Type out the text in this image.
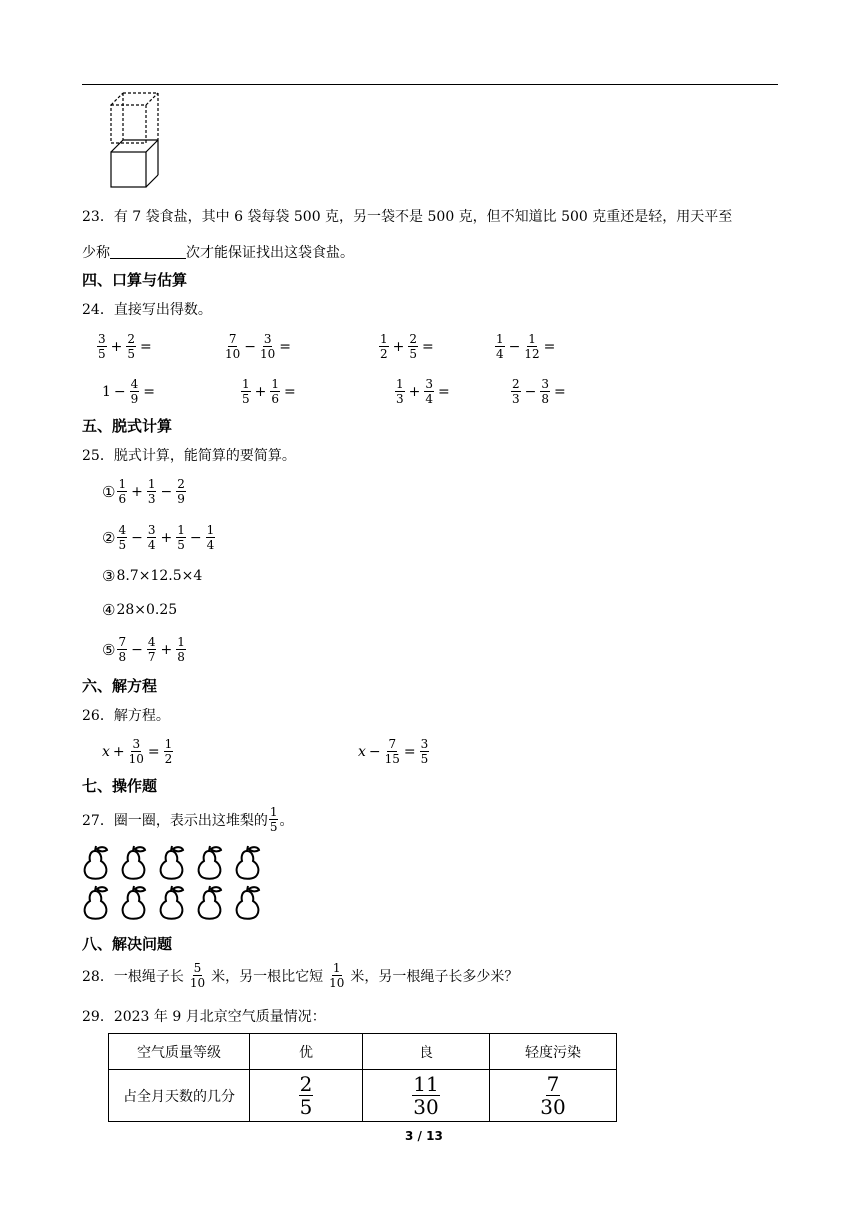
23．有 7 袋食盐，其中 6 袋每袋 500 克，另一袋不是 500 克，但不知道比 500 克重还是轻，用天平至
少称	次才能保证找出这袋食盐。
四、口算与估算
24．直接写出得数。
$\frac{3}{5} + \frac{2}{5}$ =	$\frac{7}{10} - \frac{3}{10}$ =	$\frac{1}{2} + \frac{2}{5}$ =	$\frac{1}{4} - \frac{1}{12}$ =
$1 - \frac{4}{9}$ =	$\frac{1}{5} + \frac{1}{6}$ =	$\frac{1}{3} + \frac{3}{4}$ =	$\frac{2}{3} - \frac{3}{8}$ =
五、脱式计算
25．脱式计算，能简算的要简算。
① $\frac{1}{6} + \frac{1}{3} - \frac{2}{9}$
② $\frac{4}{5} - \frac{3}{4} + \frac{1}{5} - \frac{1}{4}$
③ 8.7×12.5×4
④ 28×0.25
⑤ $\frac{7}{8} - \frac{4}{7} + \frac{1}{8}$
六、解方程
26．解方程。
$x + \frac{3}{10} = \frac{1}{2}$	$x - \frac{7}{15} = \frac{3}{5}$
七、操作题
27．圈一圈，表示出这堆梨的 $\frac{1}{5}$ 。
八、解决问题
28．一根绳子长 $\frac{5}{10}$ 米，另一根比它短 $\frac{1}{10}$ 米，另一根绳子长多少米？
29．2023 年 9 月北京空气质量情况：
空气质量等级	优	良	轻度污染
占全月天数的几分	$\frac{2}{5}$	$\frac{11}{30}$	$\frac{7}{30}$
3 / 13
